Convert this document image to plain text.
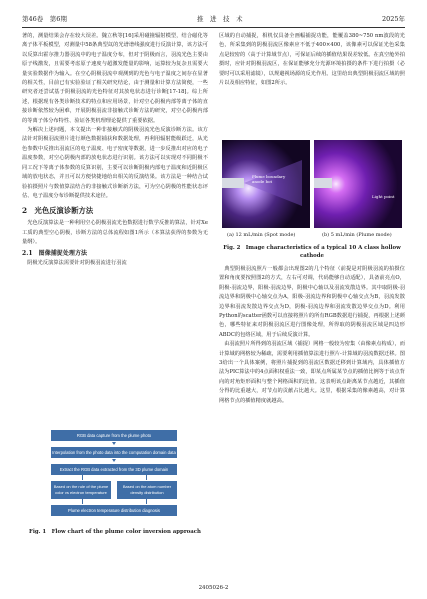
第46卷　第6期	推　进　技　术	2025年

著的，测量结果会存在较大误差。魏立秋等[16]采用碰撞辐射模型，结合磁化等离子体平板模型，对测量中58条典型氙的光谱谱线强度进行反演计算，该方法可以反算出霍尔推力器羽流中的电子温度分布，但对于阴极而言，羽流光色主要由原子线激发，且需要考虑原子速度与超激发能量的影响，运算较为复杂且需要大量实验数据作为输入。在空心阴极羽流中观测到的光色与电子温度之间存在显著的相关性，目前已有实验验证了相关研究结论，由于测量和计算方法简便，一些研究者还尝试基于阴极羽流的光色特征对其放电状态进行诊断[17-18]。综上所述，根据现有各类诊断技术的特点和应用场景，针对空心阴极内部等离子体的直接诊断依然较为困难，开展阴极羽流非接触式诊断方法的研究，对空心阴极内部的等离子体分布特性、验证各类机理理论提供了重要依据。

为解决上述问题，本文提出一种非接触式的阴极羽流光色反演诊断方法。该方法针对阴极羽流照片进行颜色数据捕获和数据处理，再利用辐射能级跃迁，从光色参数中反推出羽流区的电子温度、电子密度等数据，进一步反推出对应的电子温度参数，对空心阴极内部的放电状态进行识别。该方法可以实现对不同阴极不同工况下等离子体参数的反算识别，主要可以诊断阴极内部电子温度和近阴极区域的放电状态，并且可以方便快捷地给出相关的反演结果。该方法是一种结合试验拍摄照片与数值算法结合的非接触式诊断新方法，可为空心阴极的性能状态评估、电子温度分布诊断提供技术途径。

2　光色反演诊断方法

光色反演算法是一种利用空心阴极羽流光色数据进行数学反推的算法，针对Xe工质的典型空心阴极，诊断方法的总体流程如图1所示（本算法获得的参数为无量纲）。

2.1　图像捕捉处理方法

阴极光反演算法需要针对阴极羽流进行羽流

RGB data capture from the plume photo
Interpolation from the photo data into the computation domain data
Extract the RGB data extracted from the 3D plume domain
Based on the rule of the plume color vs electron temperature
Based on the atom number density distribution
Plume electron temperature distribution diagnosis
Fig. 1　Flow chart of the plume color inversion approach

区域的自动捕捉，相机仅具备全画幅捕捉功能，能覆盖380~750 nm波段的光色，所采集到的阴极羽流区像素应不低于400×400，该像素可以保证光色采集点是较密的（高于计算域节点），可保证后续的插值结果误差较低。在真空舱外拍摄时，应针对阴极羽流区，在保证能够充分光源环境拍摄的条件下进行拍摄（必要时可以采用滤镜），以规避视场源的反光作用。这里给出典型阴极羽流区域的照片以及相应特征，如图2所示。

Plume boundary
anode bot
Light point
(a) 12 mL/min (Spot mode)	(b) 5 mL/min (Plume mode)
Fig. 2　Image characteristics of a typical 10 A class hollow cathode

典型阴极羽流照片一般都会出现图2的几个特征（前提是对阴极羽流的拍摄位置和角度要按照图2的方式，左右可对调，代码能够自动适配），具备前亮点O，阴极-羽流边界，阳极-羽流边界，阴极中心轴以及羽流发散边界。其中取阴极-羽流边界和阴极中心轴交点为A，阳极-羽流边界和阴极中心轴交点为B，羽流发散边界和羽流发散边界交点为D，阴极-羽流边界和羽流发散边界交点为D。利用Python的scatter函数可以直接将照片的所有RGB数据进行捕捉，再根据上述颜色，哪些特征来对阴极羽流区进行图像处理，所得取的阴极羽流区域是四边形ABDC的包络区域，用于后续反演计算。

由羽流照片所得到的羽流区域（捕捉）网格一般较为密集（由像素点构成），而计算域的网格较为稀疏，需要利用插值算法进行照片-计算域的羽流数据迁移。图3给出一个具体案例，将照片捕捉到的羽流区数据迁移到计算域内，具体插值方法为PIC算法中的4点面积权重法一致，即某点所属某节点的插值比例等于该点背向的对角矩形面积与整个网格面积的比值。这表明该点距离某节点越近，其插值分得的比重越大，对节点的贡献占比越大。这里，根据采集的像素越高，对计算网格节点的插值精度就越高。

2405026-2
